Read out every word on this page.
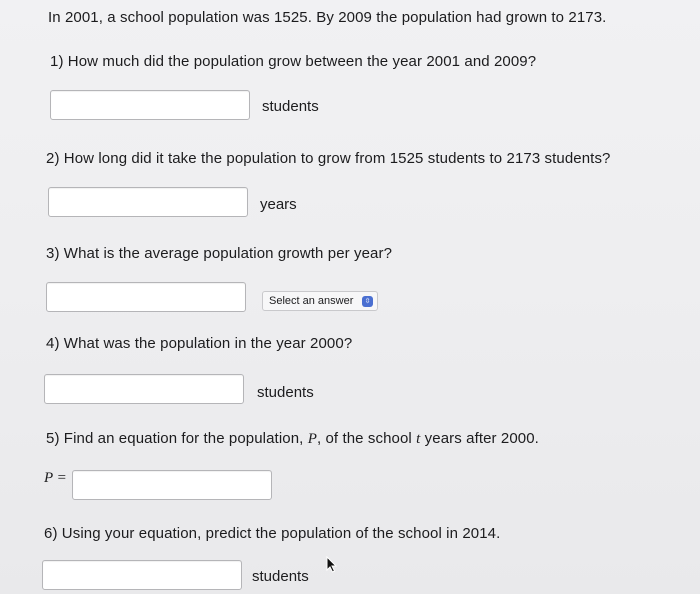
In 2001, a school population was 1525. By 2009 the population had grown to 2173.
1) How much did the population grow between the year 2001 and 2009?
students
2) How long did it take the population to grow from 1525 students to 2173 students?
years
3) What is the average population growth per year?
Select an answer	⇳
4) What was the population in the year 2000?
students
5) Find an equation for the population, P, of the school t years after 2000.
P =
6) Using your equation, predict the population of the school in 2014.
students
